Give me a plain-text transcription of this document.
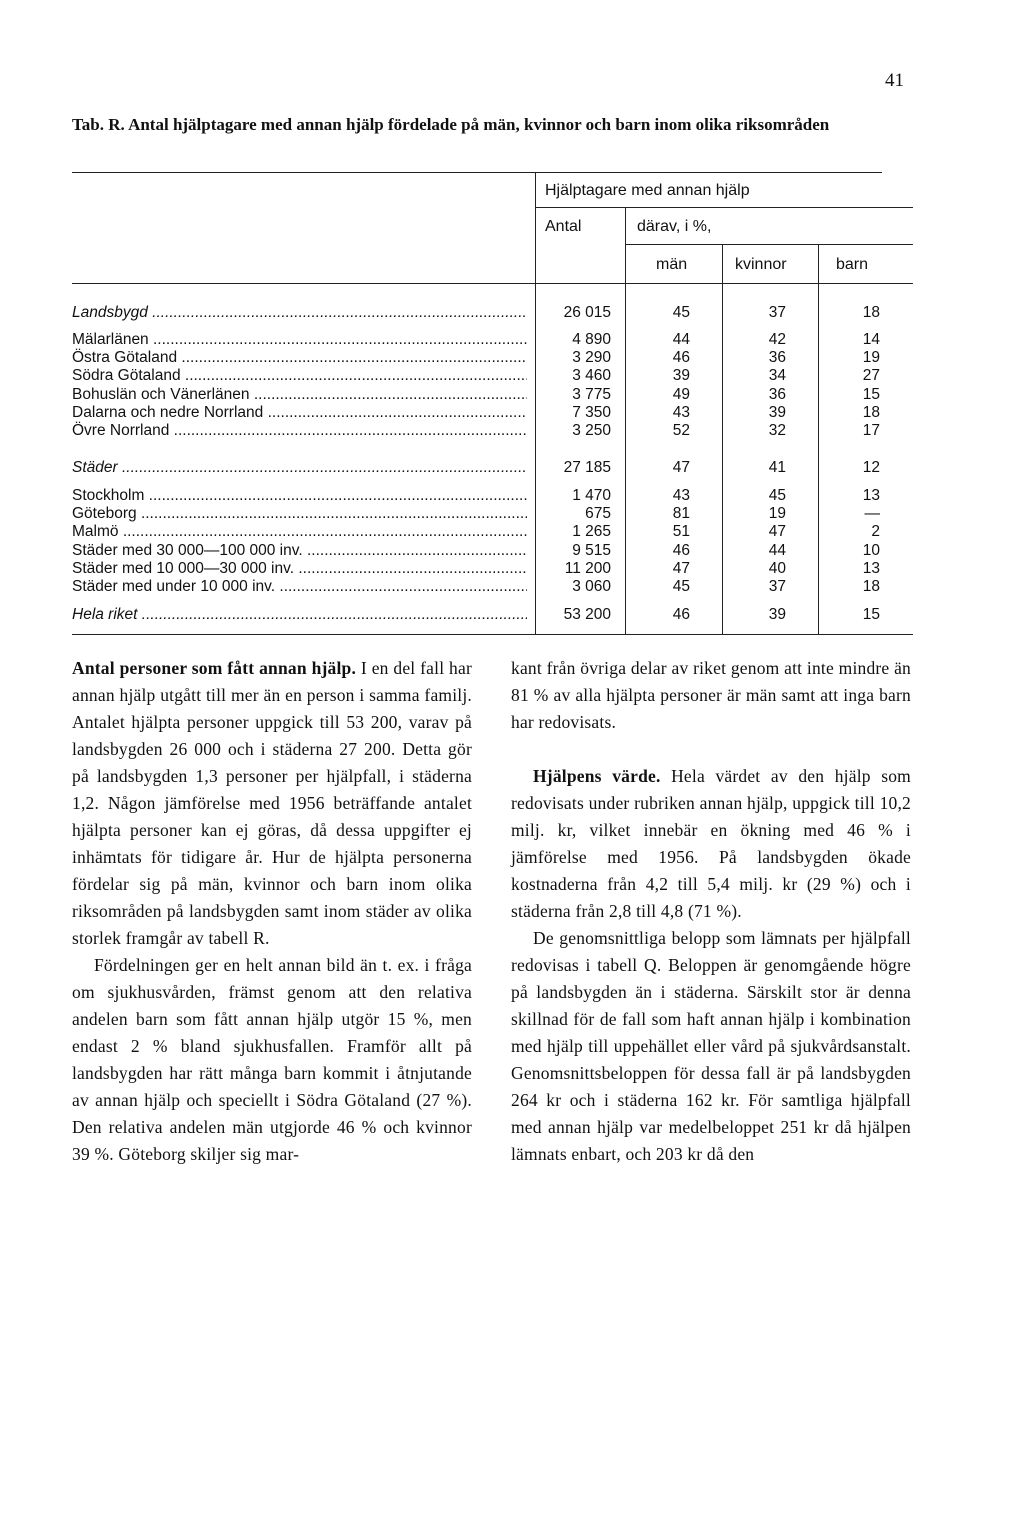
41
Tab. R. Antal hjälptagare med annan hjälp fördelade på män, kvinnor och barn inom olika riksområden
Hjälptagare med annan hjälp
Antal	därav, i %,
män	kvinnor	barn
Landsbygd .....	26 015	45	37	18
Mälarlänen .....	4 890	44	42	14
Östra Götaland .....	3 290	46	36	19
Södra Götaland .....	3 460	39	34	27
Bohuslän och Vänerlänen .....	3 775	49	36	15
Dalarna och nedre Norrland .....	7 350	43	39	18
Övre Norrland .....	3 250	52	32	17
Städer .....	27 185	47	41	12
Stockholm .....	1 470	43	45	13
Göteborg .....	675	81	19	—
Malmö .....	1 265	51	47	2
Städer med 30 000—100 000 inv. .....	9 515	46	44	10
Städer med 10 000—30 000 inv. .....	11 200	47	40	13
Städer med under 10 000 inv. .....	3 060	45	37	18
Hela riket .....	53 200	46	39	15

Antal personer som fått annan hjälp. I en del fall har annan hjälp utgått till mer än en person i samma familj. Antalet hjälpta personer uppgick till 53 200, varav på landsbygden 26 000 och i städerna 27 200. Detta gör på landsbygden 1,3 personer per hjälpfall, i städerna 1,2. Någon jämförelse med 1956 beträffande antalet hjälpta personer kan ej göras, då dessa uppgifter ej inhämtats för tidigare år. Hur de hjälpta personerna fördelar sig på män, kvinnor och barn inom olika riksområden på landsbygden samt inom städer av olika storlek framgår av tabell R.

Fördelningen ger en helt annan bild än t. ex. i fråga om sjukhusvården, främst genom att den relativa andelen barn som fått annan hjälp utgör 15 %, men endast 2 % bland sjukhusfallen. Framför allt på landsbygden har rätt många barn kommit i åtnjutande av annan hjälp och speciellt i Södra Götaland (27 %). Den relativa andelen män utgjorde 46 % och kvinnor 39 %. Göteborg skiljer sig mar-

kant från övriga delar av riket genom att inte mindre än 81 % av alla hjälpta personer är män samt att inga barn har redovisats.

Hjälpens värde. Hela värdet av den hjälp som redovisats under rubriken annan hjälp, uppgick till 10,2 milj. kr, vilket innebär en ökning med 46 % i jämförelse med 1956. På landsbygden ökade kostnaderna från 4,2 till 5,4 milj. kr (29 %) och i städerna från 2,8 till 4,8 (71 %).

De genomsnittliga belopp som lämnats per hjälpfall redovisas i tabell Q. Beloppen är genomgående högre på landsbygden än i städerna. Särskilt stor är denna skillnad för de fall som haft annan hjälp i kombination med hjälp till uppehället eller vård på sjukvårdsanstalt. Genomsnittsbeloppen för dessa fall är på landsbygden 264 kr och i städerna 162 kr. För samtliga hjälpfall med annan hjälp var medelbeloppet 251 kr då hjälpen lämnats enbart, och 203 kr då den
